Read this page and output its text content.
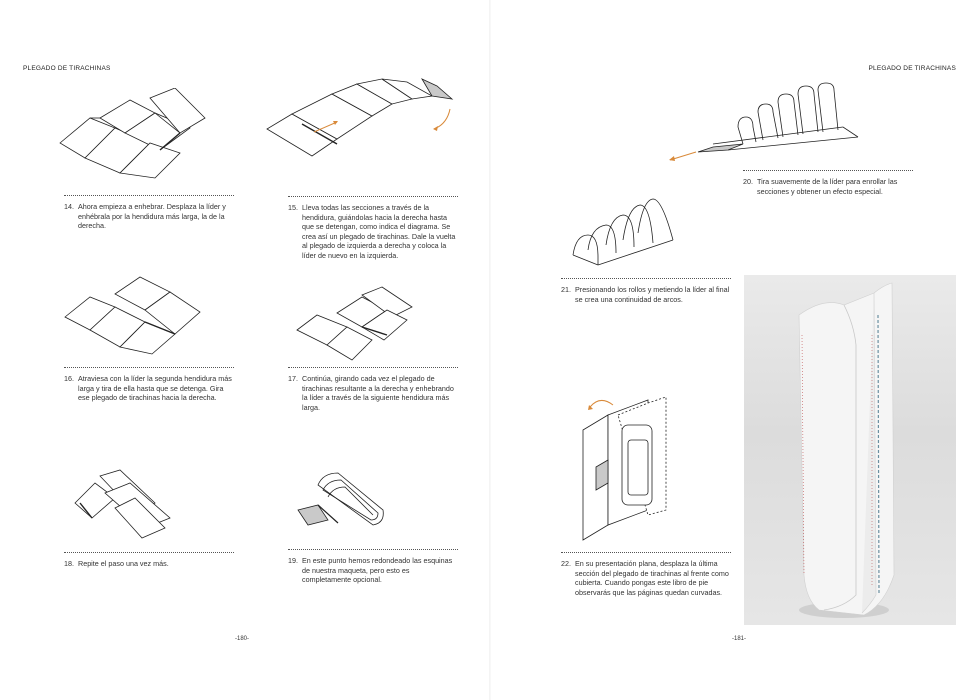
PLEGADO DE TIRACHINAS	PLEGADO DE TIRACHINAS
14. Ahora empieza a enhebrar. Desplaza la líder y enhébrala por la hendidura más larga, la de la derecha.
15. Lleva todas las secciones a través de la hendidura, guiándolas hacia la derecha hasta que se detengan, como indica el diagrama. Se crea así un plegado de tirachinas. Dale la vuelta al plegado de izquierda a derecha y coloca la líder de nuevo en la izquierda.
16. Atraviesa con la líder la segunda hendidura más larga y tira de ella hasta que se detenga. Gira ese plegado de tirachinas hacia la derecha.
17. Continúa, girando cada vez el plegado de tirachinas resultante a la derecha y enhebrando la líder a través de la siguiente hendidura más larga.
18. Repite el paso una vez más.	19. En este punto hemos redondeado las esquinas de nuestra maqueta, pero esto es completamente opcional.
20. Tira suavemente de la líder para enrollar las secciones y obtener un efecto especial.
21. Presionando los rollos y metiendo la líder al final se crea una continuidad de arcos.
22. En su presentación plana, desplaza la última sección del plegado de tirachinas al frente como cubierta. Cuando pongas este libro de pie observarás que las páginas quedan curvadas.
-180-	-181-
